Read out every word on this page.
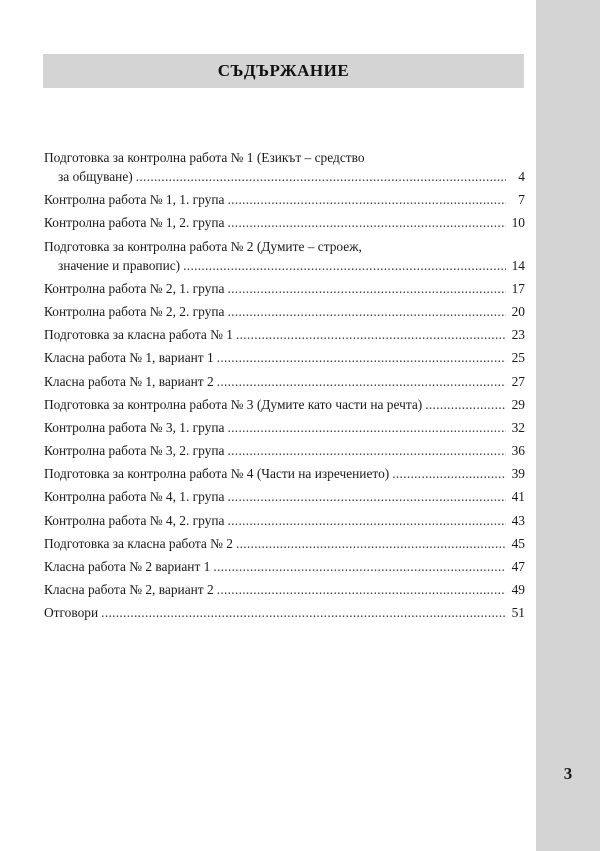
3
СЪДЪРЖАНИЕ
Подготовка за контролна работа № 1 (Езикът – средство
за общуване) .....	4
Контролна работа № 1, 1. група .....	7
Контролна работа № 1, 2. група .....	10
Подготовка за контролна работа № 2 (Думите – строеж,
значение и правопис) .....	14
Контролна работа № 2, 1. група .....	17
Контролна работа № 2, 2. група .....	20
Подготовка за класна работа № 1 .....	23
Класна работа № 1, вариант 1 .....	25
Класна работа № 1, вариант 2 .....	27
Подготовка за контролна работа № 3 (Думите като части на речта) .....	29
Контролна работа № 3, 1. група .....	32
Контролна работа № 3, 2. група .....	36
Подготовка за контролна работа № 4 (Части на изречението) .....	39
Контролна работа № 4, 1. група .....	41
Контролна работа № 4, 2. група .....	43
Подготовка за класна работа № 2 .....	45
Класна работа № 2 вариант 1 .....	47
Класна работа № 2, вариант 2 .....	49
Отговори .....	51
